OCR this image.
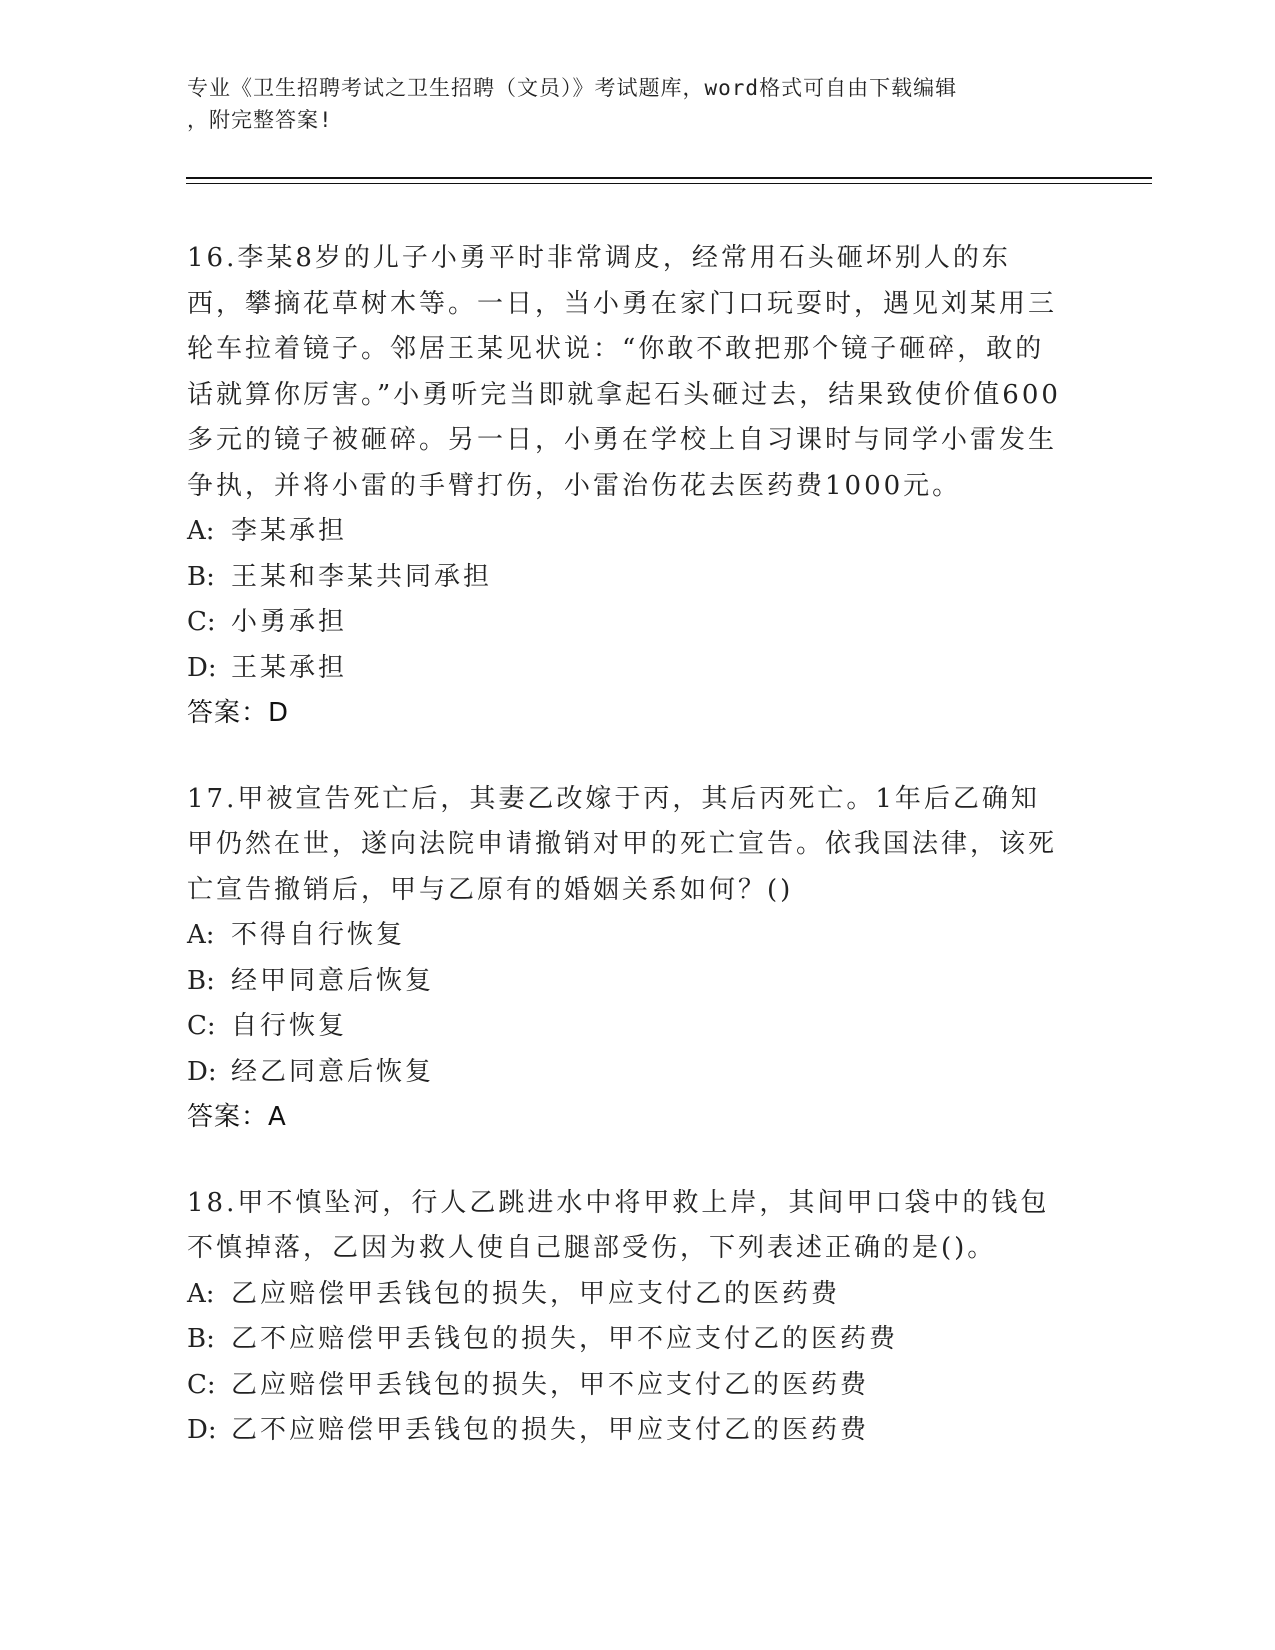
专业《卫生招聘考试之卫生招聘（文员）》考试题库，word格式可自由下载编辑
，附完整答案!
16.李某8岁的儿子小勇平时非常调皮，经常用石头砸坏别人的东西，攀摘花草树木等。一日，当小勇在家门口玩耍时，遇见刘某用三轮车拉着镜子。邻居王某见状说：“你敢不敢把那个镜子砸碎，敢的话就算你厉害。”小勇听完当即就拿起石头砸过去，结果致使价值600多元的镜子被砸碎。另一日，小勇在学校上自习课时与同学小雷发生争执，并将小雷的手臂打伤，小雷治伤花去医药费1000元。
A: 李某承担
B: 王某和李某共同承担
C: 小勇承担
D: 王某承担
答案：D
17.甲被宣告死亡后，其妻乙改嫁于丙，其后丙死亡。1年后乙确知甲仍然在世，遂向法院申请撤销对甲的死亡宣告。依我国法律，该死亡宣告撤销后，甲与乙原有的婚姻关系如何？()
A: 不得自行恢复
B: 经甲同意后恢复
C: 自行恢复
D: 经乙同意后恢复
答案：A
18.甲不慎坠河，行人乙跳进水中将甲救上岸，其间甲口袋中的钱包不慎掉落，乙因为救人使自己腿部受伤，下列表述正确的是()。
A: 乙应赔偿甲丢钱包的损失，甲应支付乙的医药费
B: 乙不应赔偿甲丢钱包的损失，甲不应支付乙的医药费
C: 乙应赔偿甲丢钱包的损失，甲不应支付乙的医药费
D: 乙不应赔偿甲丢钱包的损失，甲应支付乙的医药费
